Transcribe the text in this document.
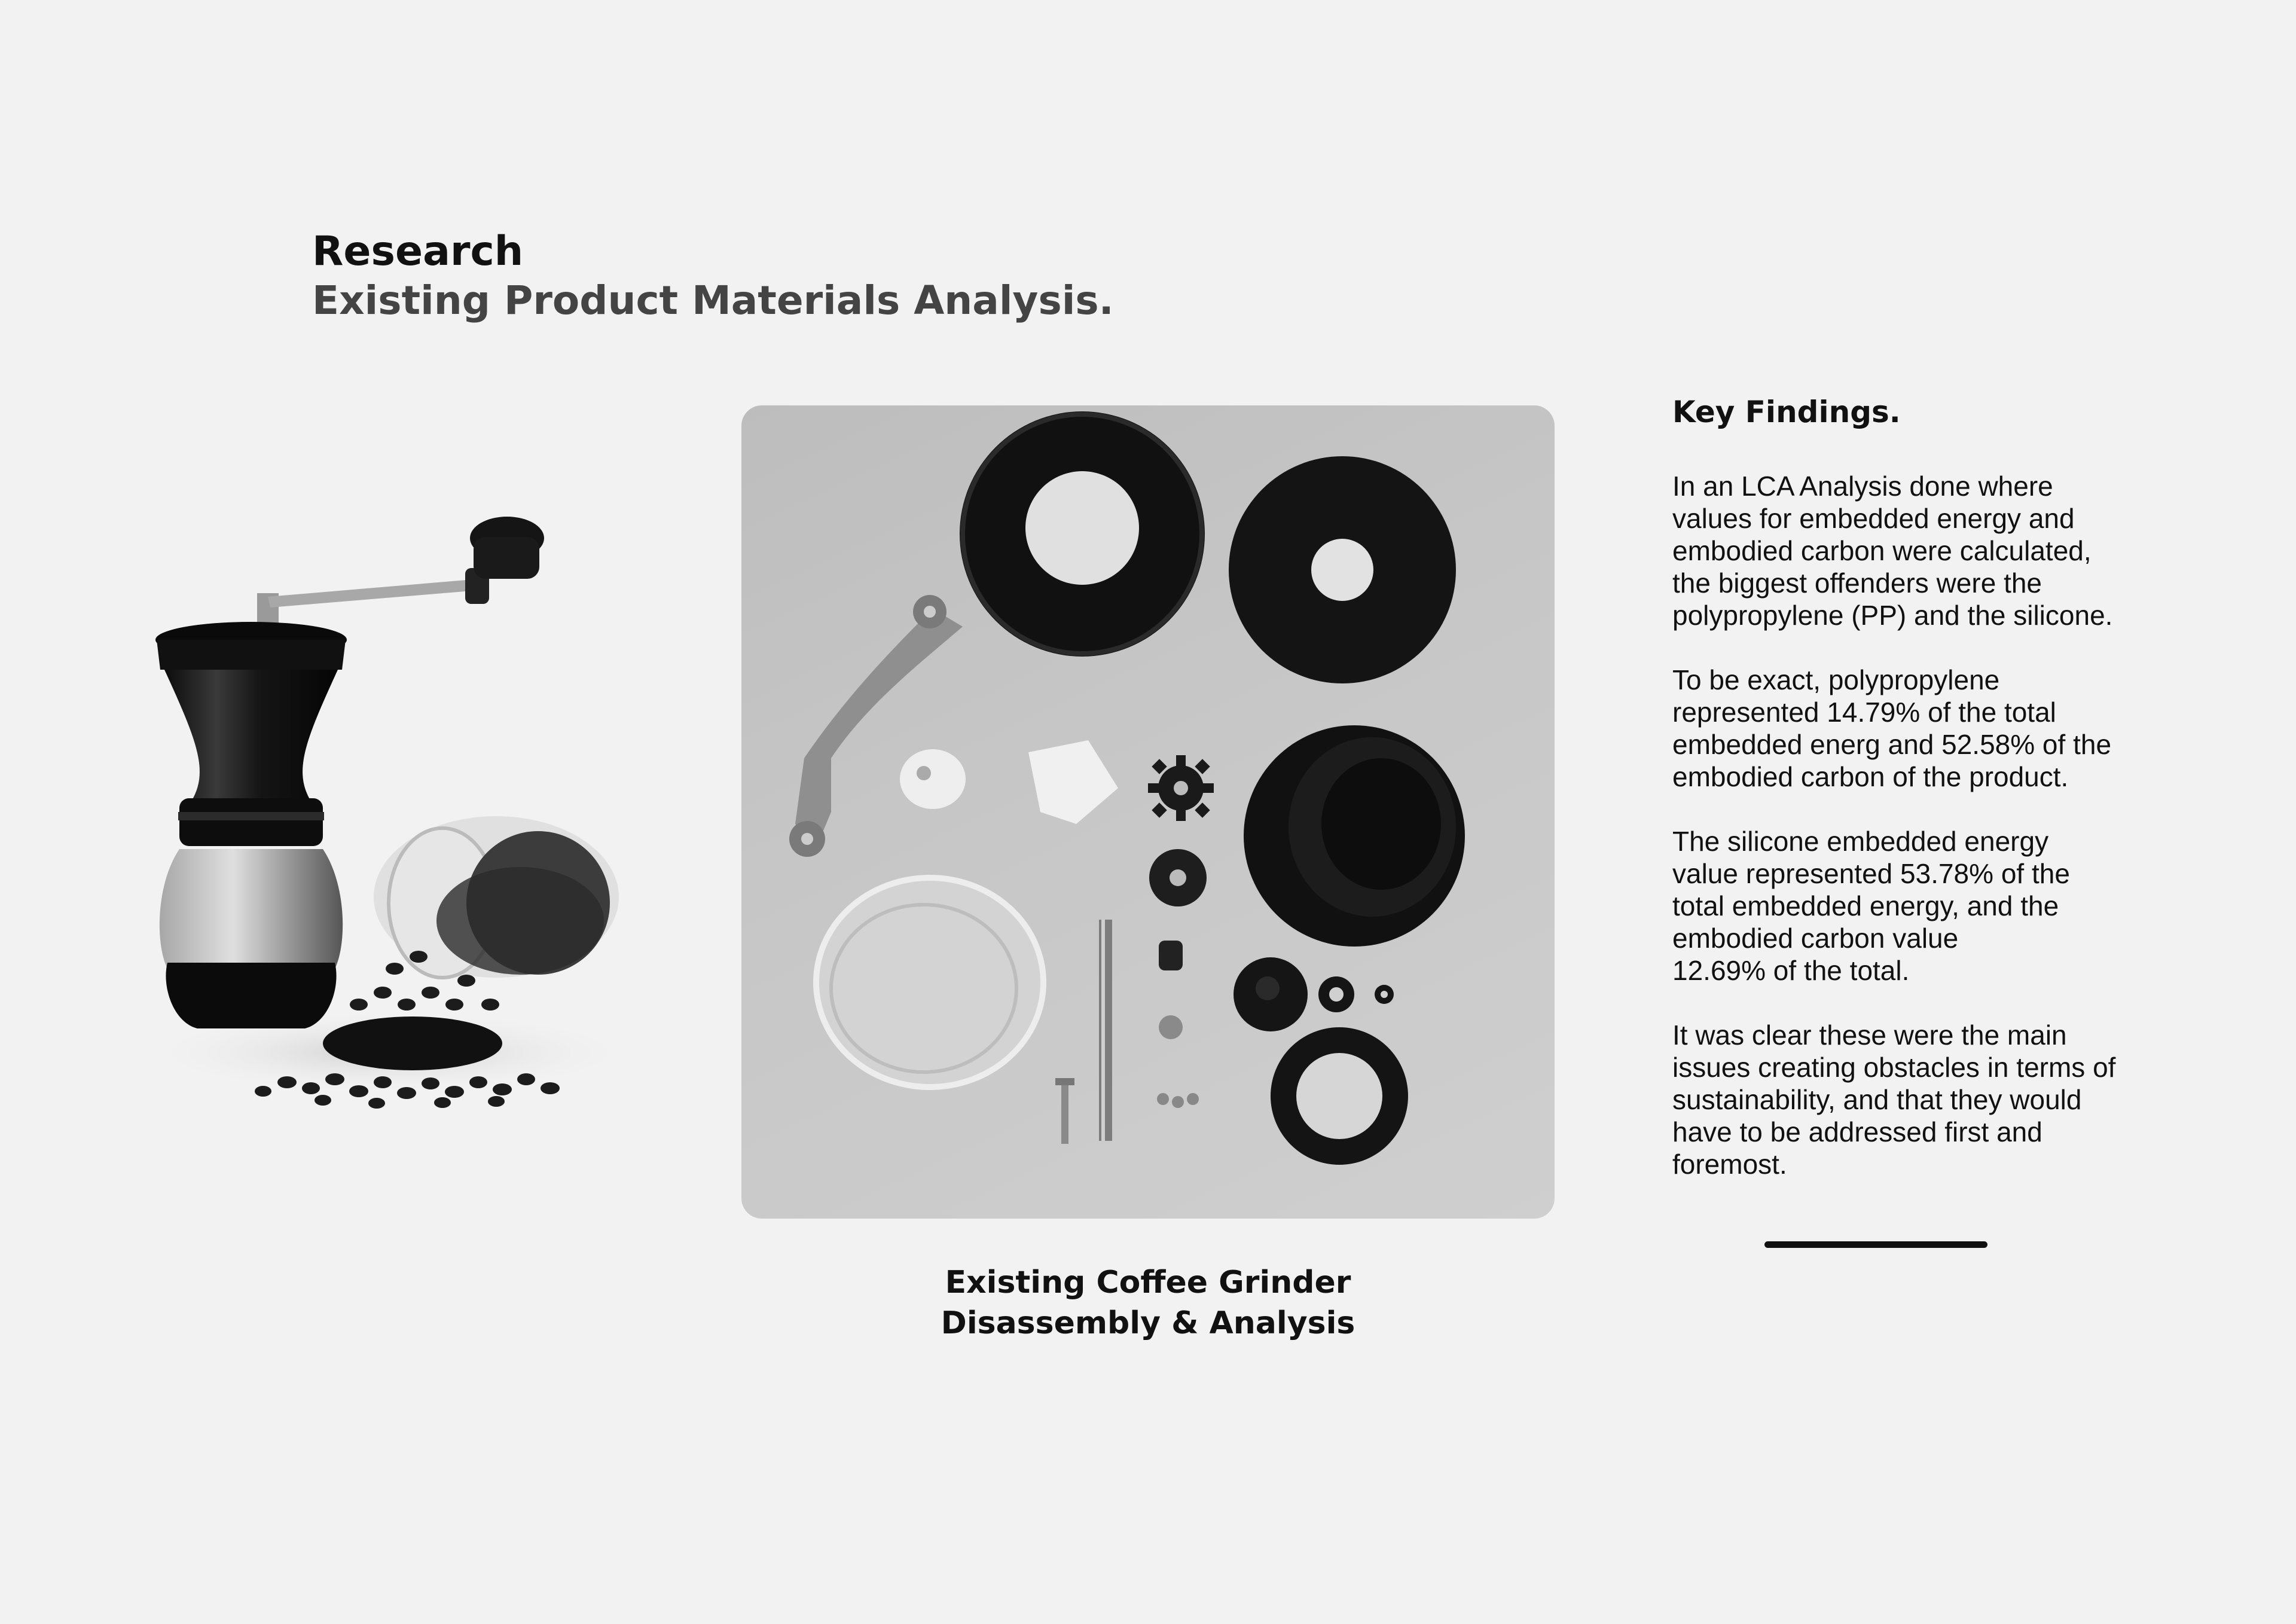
Research
Existing Product Materials Analysis.
Existing Coffee Grinder
Disassembly & Analysis
Key Findings.

In an LCA Analysis done where
values for embedded energy and
embodied carbon were calculated,
the biggest offenders were the
polypropylene (PP) and the silicone.

To be exact, polypropylene
represented 14.79% of the total
embedded energ and 52.58% of the
embodied carbon of the product.

The silicone embedded energy
value represented 53.78% of the
total embedded energy, and the
embodied carbon value
12.69% of the total.

It was clear these were the main
issues creating obstacles in terms of
sustainability, and that they would
have to be addressed first and
foremost.
